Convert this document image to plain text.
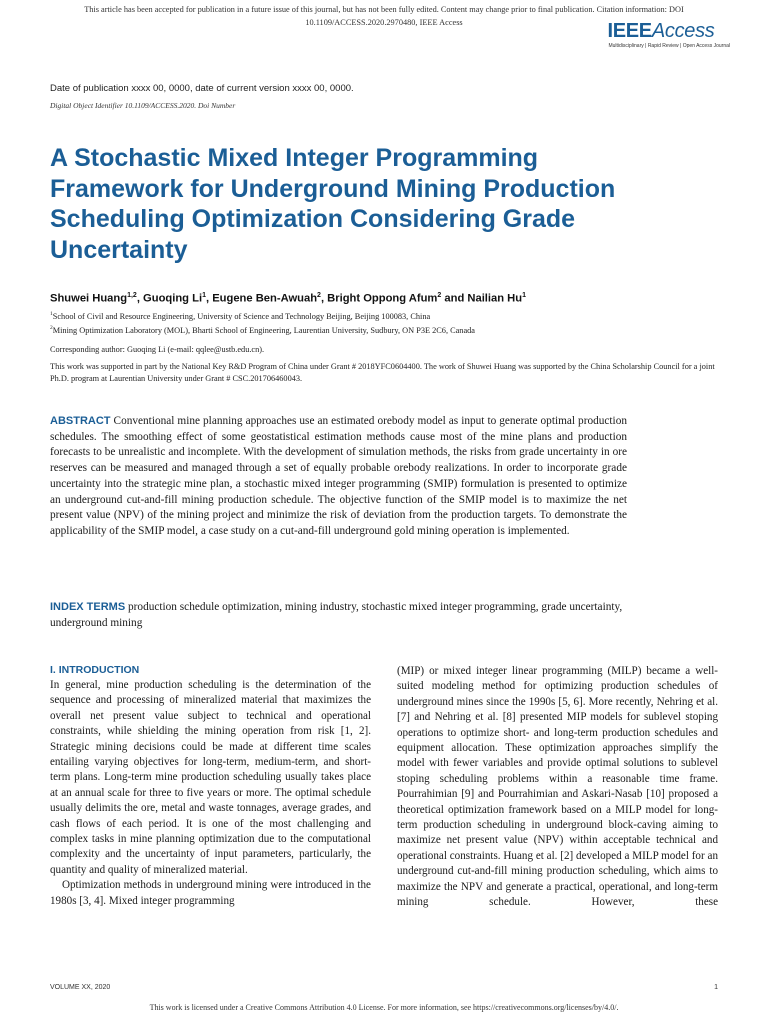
This article has been accepted for publication in a future issue of this journal, but has not been fully edited. Content may change prior to final publication. Citation information: DOI
10.1109/ACCESS.2020.2970480, IEEE Access	IEEEAccess
Multidisciplinary | Rapid Review | Open Access Journal
Date of publication xxxx 00, 0000, date of current version xxxx 00, 0000.
Digital Object Identifier 10.1109/ACCESS.2020. Doi Number
A Stochastic Mixed Integer Programming
Framework for Underground Mining Production
Scheduling Optimization Considering Grade
Uncertainty
Shuwei Huang$^{1,2}$, Guoqing Li$^1$, Eugene Ben-Awuah$^2$, Bright Oppong Afum$^2$ and Nailian Hu$^1$
$^1$School of Civil and Resource Engineering, University of Science and Technology Beijing, Beijing 100083, China
$^2$Mining Optimization Laboratory (MOL), Bharti School of Engineering, Laurentian University, Sudbury, ON P3E 2C6, Canada
Corresponding author: Guoqing Li (e-mail: qqlee@ustb.edu.cn).
This work was supported in part by the National Key R&D Program of China under Grant # 2018YFC0604400. The work of Shuwei Huang was supported by the China Scholarship Council for a joint Ph.D. program at Laurentian University under Grant # CSC.201706460043.
ABSTRACT Conventional mine planning approaches use an estimated orebody model as input to generate optimal production schedules. The smoothing effect of some geostatistical estimation methods cause most of the mine plans and production forecasts to be unrealistic and incomplete. With the development of simulation methods, the risks from grade uncertainty in ore reserves can be measured and managed through a set of equally probable orebody realizations. In order to incorporate grade uncertainty into the strategic mine plan, a stochastic mixed integer programming (SMIP) formulation is presented to optimize an underground cut-and-fill mining production schedule. The objective function of the SMIP model is to maximize the net present value (NPV) of the mining project and minimize the risk of deviation from the production targets. To demonstrate the applicability of the SMIP model, a case study on a cut-and-fill underground gold mining operation is implemented.
INDEX TERMS production schedule optimization, mining industry, stochastic mixed integer programming, grade uncertainty, underground mining
I. INTRODUCTION

In general, mine production scheduling is the determination of the sequence and processing of mineralized material that maximizes the overall net present value subject to technical and operational constraints, while shielding the mining operation from risk [1, 2]. Strategic mining decisions could be made at different time scales entailing varying objectives for long-term, medium-term, and short-term plans. Long-term mine production scheduling usually takes place at an annual scale for three to five years or more. The optimal schedule usually delimits the ore, metal and waste tonnages, average grades, and cash flows of each period. It is one of the most challenging and complex tasks in mine planning optimization due to the computational complexity and the uncertainty of input parameters, particularly, the quantity and quality of mineralized material.

Optimization methods in underground mining were introduced in the 1980s [3, 4]. Mixed integer programming

(MIP) or mixed integer linear programming (MILP) became a well-suited modeling method for optimizing production schedules of underground mines since the 1990s [5, 6]. More recently, Nehring et al. [7] and Nehring et al. [8] presented MIP models for sublevel stoping operations to optimize short- and long-term production schedules and equipment allocation. These optimization approaches simplify the model with fewer variables and provide optimal solutions to sublevel stoping scheduling problems within a reasonable time frame. Pourrahimian [9] and Pourrahimian and Askari-Nasab [10] proposed a theoretical optimization framework based on a MILP model for long-term production scheduling in underground block-caving aiming to maximize net present value (NPV) within acceptable technical and operational constraints. Huang et al. [2] developed a MILP model for an underground cut-and-fill mining production scheduling, which aims to maximize the NPV and generate a practical, operational, and long-term mining schedule. However, these

VOLUME XX, 2020	1
This work is licensed under a Creative Commons Attribution 4.0 License. For more information, see https://creativecommons.org/licenses/by/4.0/.
